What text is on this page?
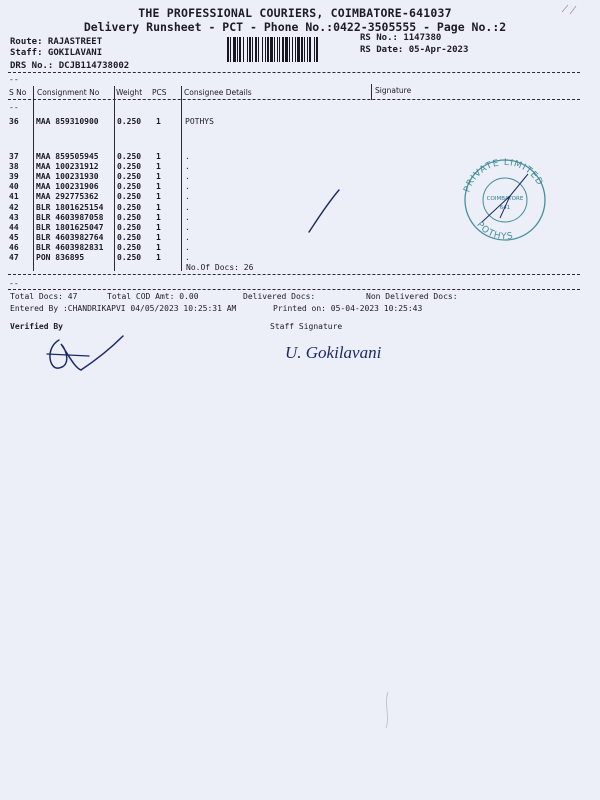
THE PROFESSIONAL COURIERS, COIMBATORE-641037
Delivery Runsheet - PCT - Phone No.:0422-3505555 - Page No.:2
Route: RAJASTREET
Staff: GOKILAVANI
DRS No.: DCJB114738002
RS No.: 1147380
RS Date: 05-Apr-2023
--
S No Consignment No Weight PCS Consignee Details	Signature
--
36 MAA 859310900 0.250 1	POTHYS
37 MAA 859505945 0.250 1	.
38 MAA 100231912 0.250 1	.
39 MAA 100231930 0.250 1	.
40 MAA 100231906 0.250 1	.
41 MAA 292775362 0.250 1	.
42 BLR 1801625154 0.250 1	.
43 BLR 4603987058 0.250 1	.
44 BLR 1801625047 0.250 1	.
45 BLR 4603982764 0.250 1	.
46 BLR 4603982831 0.250 1	.
47 PON 836895	0.250 1	.
No.Of Docs: 26
--
Total Docs: 47	Total COD Amt: 0.00	Delivered Docs:	Non Delivered Docs:
Entered By :CHANDRIKAPVI 04/05/2023 10:25:31 AM	Printed on: 05-04-2023 10:25:43
Verified By	Staff Signature
PRIVATE LIMITED
POTHYS
COIMBATORE
641
U. Gokilavani
